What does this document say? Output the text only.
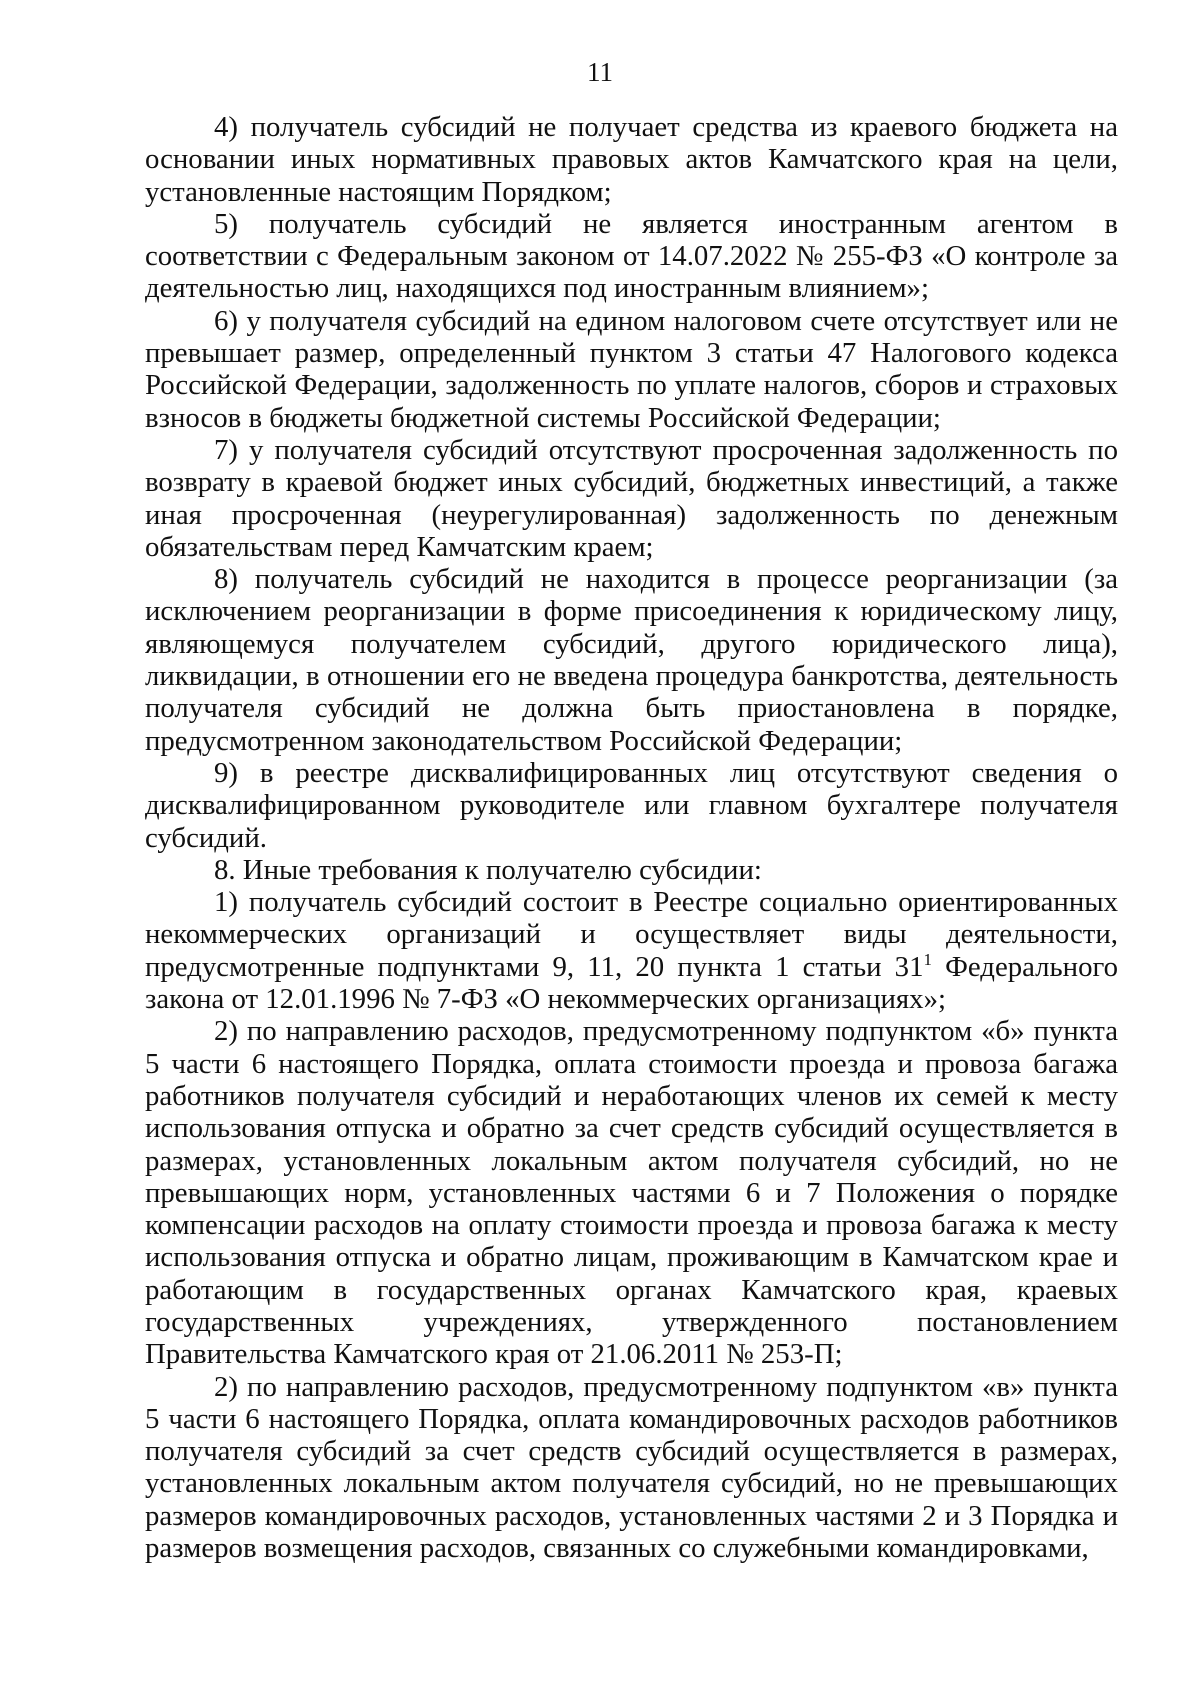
11

4) получатель субсидий не получает средства из краевого бюджета на основании иных нормативных правовых актов Камчатского края на цели, установленные настоящим Порядком;

5) получатель субсидий не является иностранным агентом в соответствии с Федеральным законом от 14.07.2022 № 255-ФЗ «О контроле за деятельностью лиц, находящихся под иностранным влиянием»;

6) у получателя субсидий на едином налоговом счете отсутствует или не превышает размер, определенный пунктом 3 статьи 47 Налогового кодекса Российской Федерации, задолженность по уплате налогов, сборов и страховых взносов в бюджеты бюджетной системы Российской Федерации;

7) у получателя субсидий отсутствуют просроченная задолженность по возврату в краевой бюджет иных субсидий, бюджетных инвестиций, а также иная просроченная (неурегулированная) задолженность по денежным обязательствам перед Камчатским краем;

8) получатель субсидий не находится в процессе реорганизации (за исключением реорганизации в форме присоединения к юридическому лицу, являющемуся получателем субсидий, другого юридического лица), ликвидации, в отношении его не введена процедура банкротства, деятельность получателя субсидий не должна быть приостановлена в порядке, предусмотренном законодательством Российской Федерации;

9) в реестре дисквалифицированных лиц отсутствуют сведения о дисквалифицированном руководителе или главном бухгалтере получателя субсидий.

8. Иные требования к получателю субсидии:

1) получатель субсидий состоит в Реестре социально ориентированных некоммерческих организаций и осуществляет виды деятельности, предусмотренные подпунктами 9, 11, 20 пункта 1 статьи $31^1$ Федерального закона от 12.01.1996 № 7-ФЗ «О некоммерческих организациях»;

2) по направлению расходов, предусмотренному подпунктом «б» пункта 5 части 6 настоящего Порядка, оплата стоимости проезда и провоза багажа работников получателя субсидий и неработающих членов их семей к месту использования отпуска и обратно за счет средств субсидий осуществляется в размерах, установленных локальным актом получателя субсидий, но не превышающих норм, установленных частями 6 и 7 Положения о порядке компенсации расходов на оплату стоимости проезда и провоза багажа к месту использования отпуска и обратно лицам, проживающим в Камчатском крае и работающим в государственных органах Камчатского края, краевых государственных учреждениях, утвержденного постановлением Правительства Камчатского края от 21.06.2011 № 253-П;

2) по направлению расходов, предусмотренному подпунктом «в» пункта 5 части 6 настоящего Порядка, оплата командировочных расходов работников получателя субсидий за счет средств субсидий осуществляется в размерах, установленных локальным актом получателя субсидий, но не превышающих размеров командировочных расходов, установленных частями 2 и 3 Порядка и размеров возмещения расходов, связанных со служебными командировками,
